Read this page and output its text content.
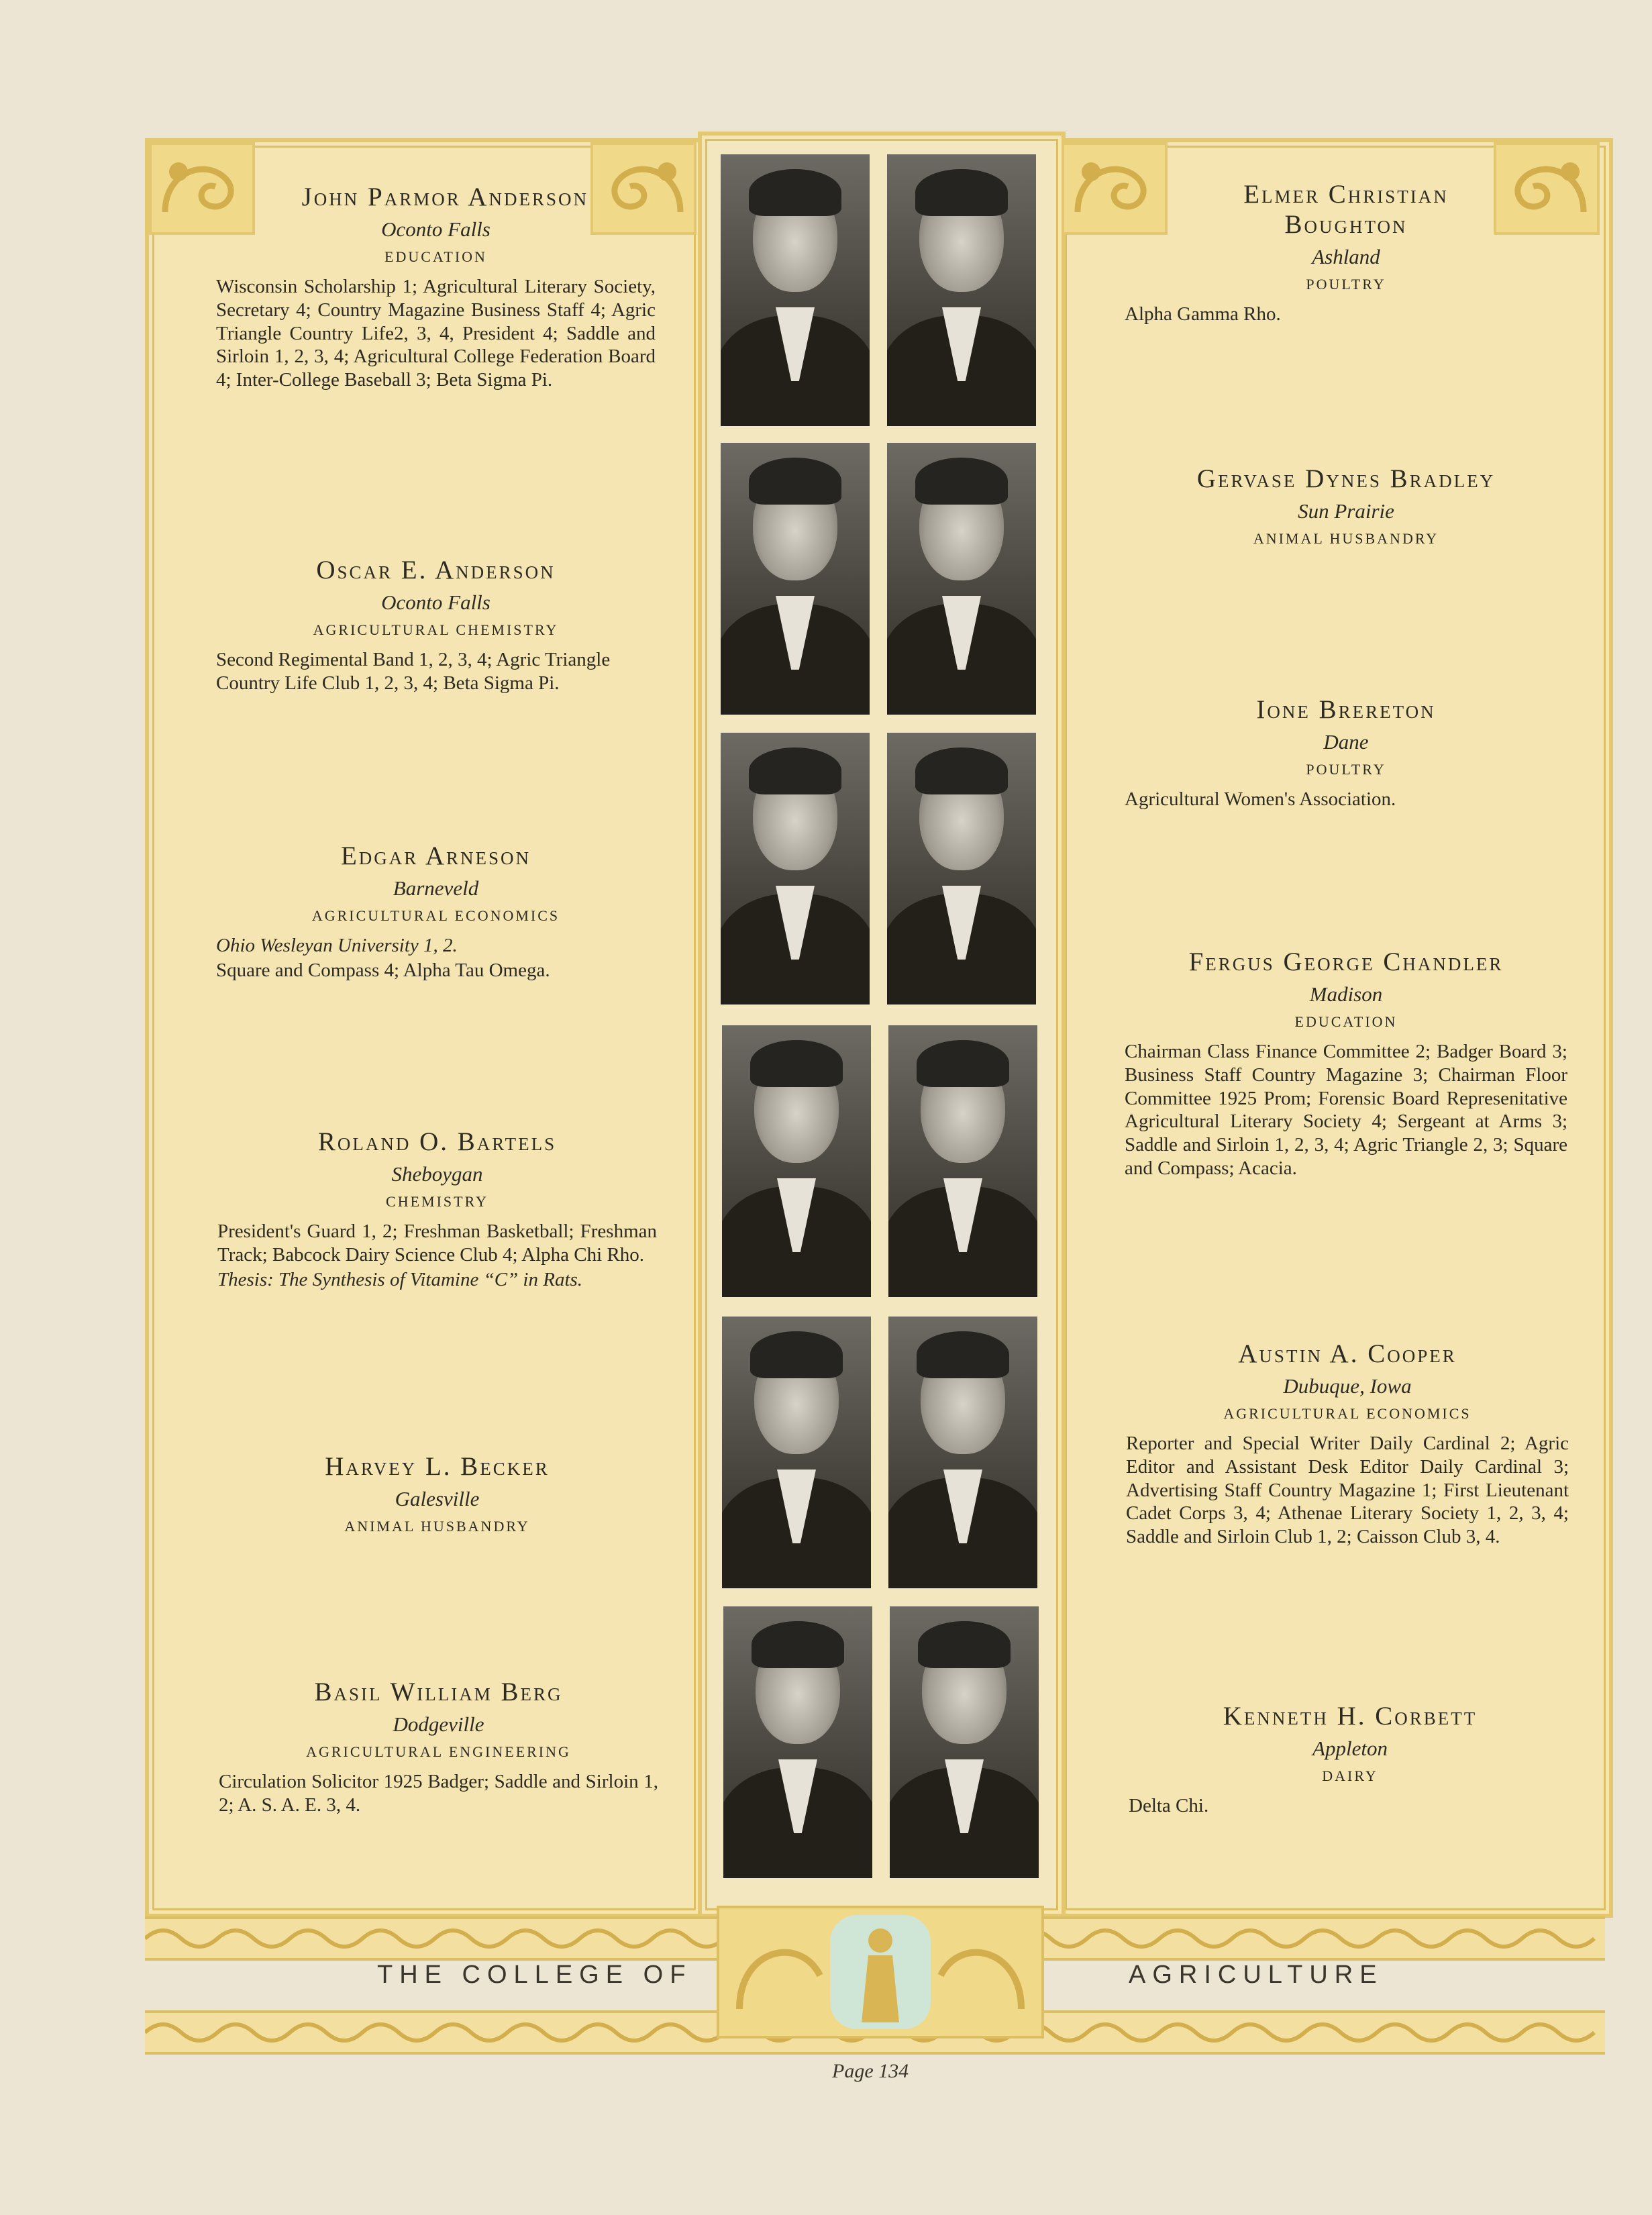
John Parmor Anderson
Oconto Falls
EDUCATION
Wisconsin Scholarship 1; Agricultural Literary Society, Secretary 4; Country Magazine Business Staff 4; Agric Triangle Country Life2, 3, 4, President 4; Saddle and Sirloin 1, 2, 3, 4; Agricultural College Federation Board 4; Inter-College Baseball 3; Beta Sigma Pi.
Oscar E. Anderson
Oconto Falls
AGRICULTURAL CHEMISTRY
Second Regimental Band 1, 2, 3, 4; Agric Triangle Country Life Club 1, 2, 3, 4; Beta Sigma Pi.
Edgar Arneson
Barneveld
AGRICULTURAL ECONOMICS
Ohio Wesleyan University 1, 2.
Square and Compass 4; Alpha Tau Omega.
Roland O. Bartels
Sheboygan
CHEMISTRY
President's Guard 1, 2; Freshman Basketball; Freshman Track; Babcock Dairy Science Club 4; Alpha Chi Rho.
Thesis: The Synthesis of Vitamine “C” in Rats.
Harvey L. Becker
Galesville
ANIMAL HUSBANDRY
Basil William Berg
Dodgeville
AGRICULTURAL ENGINEERING
Circulation Solicitor 1925 Badger; Saddle and Sirloin 1, 2; A. S. A. E. 3, 4.
Elmer Christian Boughton
Ashland
POULTRY
Alpha Gamma Rho.
Gervase Dynes Bradley
Sun Prairie
ANIMAL HUSBANDRY
Ione Brereton
Dane
POULTRY
Agricultural Women's Association.
Fergus George Chandler
Madison
EDUCATION
Chairman Class Finance Committee 2; Badger Board 3; Business Staff Country Magazine 3; Chairman Floor Committee 1925 Prom; Forensic Board Represenitative Agricultural Literary Society 4; Sergeant at Arms 3; Saddle and Sirloin 1, 2, 3, 4; Agric Triangle 2, 3; Square and Compass; Acacia.
Austin A. Cooper
Dubuque, Iowa
AGRICULTURAL ECONOMICS
Reporter and Special Writer Daily Cardinal 2; Agric Editor and Assistant Desk Editor Daily Cardinal 3; Advertising Staff Country Magazine 1; First Lieutenant Cadet Corps 3, 4; Athenae Literary Society 1, 2, 3, 4; Saddle and Sirloin Club 1, 2; Caisson Club 3, 4.
Kenneth H. Corbett
Appleton
DAIRY
Delta Chi.
THE COLLEGE OF	AGRICULTURE
Page 134
